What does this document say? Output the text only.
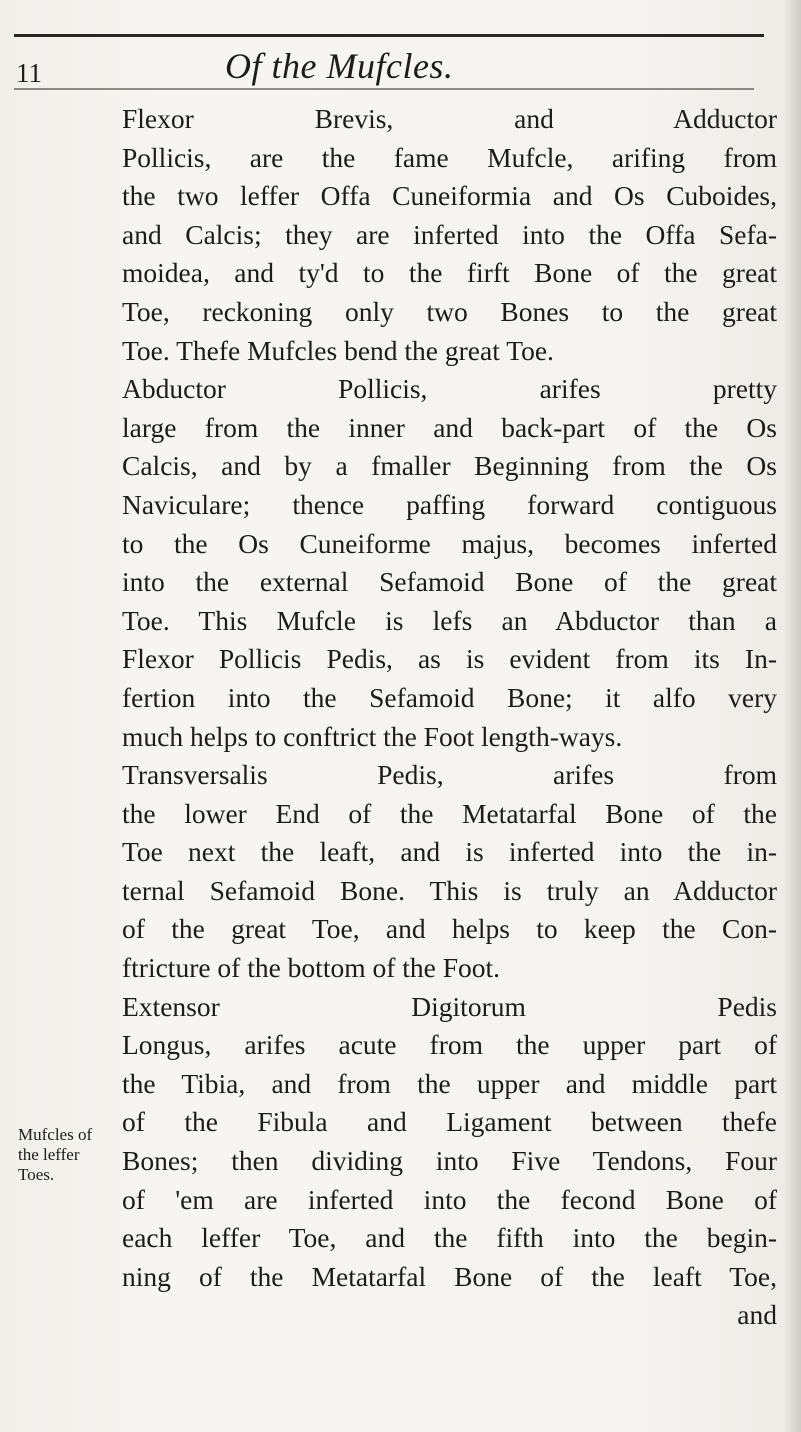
11	Of the Mufcles.
Flexor Brevis, and Adductor
Pollicis, are the fame Mufcle, arifing from
the two leffer Offa Cuneiformia and Os Cuboides,
and Calcis; they are inferted into the Offa Sefa-
moidea, and ty'd to the firft Bone of the great
Toe, reckoning only two Bones to the great
Toe. Thefe Mufcles bend the great Toe.
Abductor Pollicis, arifes pretty
large from the inner and back-part of the Os
Calcis, and by a fmaller Beginning from the Os
Naviculare; thence paffing forward contiguous
to the Os Cuneiforme majus, becomes inferted
into the external Sefamoid Bone of the great
Toe. This Mufcle is lefs an Abductor than a
Flexor Pollicis Pedis, as is evident from its In-
fertion into the Sefamoid Bone; it alfo very
much helps to conftrict the Foot length-ways.
Transversalis Pedis, arifes from
the lower End of the Metatarfal Bone of the
Toe next the leaft, and is inferted into the in-
ternal Sefamoid Bone. This is truly an Adductor
of the great Toe, and helps to keep the Con-
ftricture of the bottom of the Foot.
Extensor Digitorum Pedis
Longus, arifes acute from the upper part of
the Tibia, and from the upper and middle part
of the Fibula and Ligament between thefe
Bones; then dividing into Five Tendons, Four
of 'em are inferted into the fecond Bone of
each leffer Toe, and the fifth into the begin-
ning of the Metatarfal Bone of the leaft Toe,
and
Mufcles of
the leffer
Toes.
